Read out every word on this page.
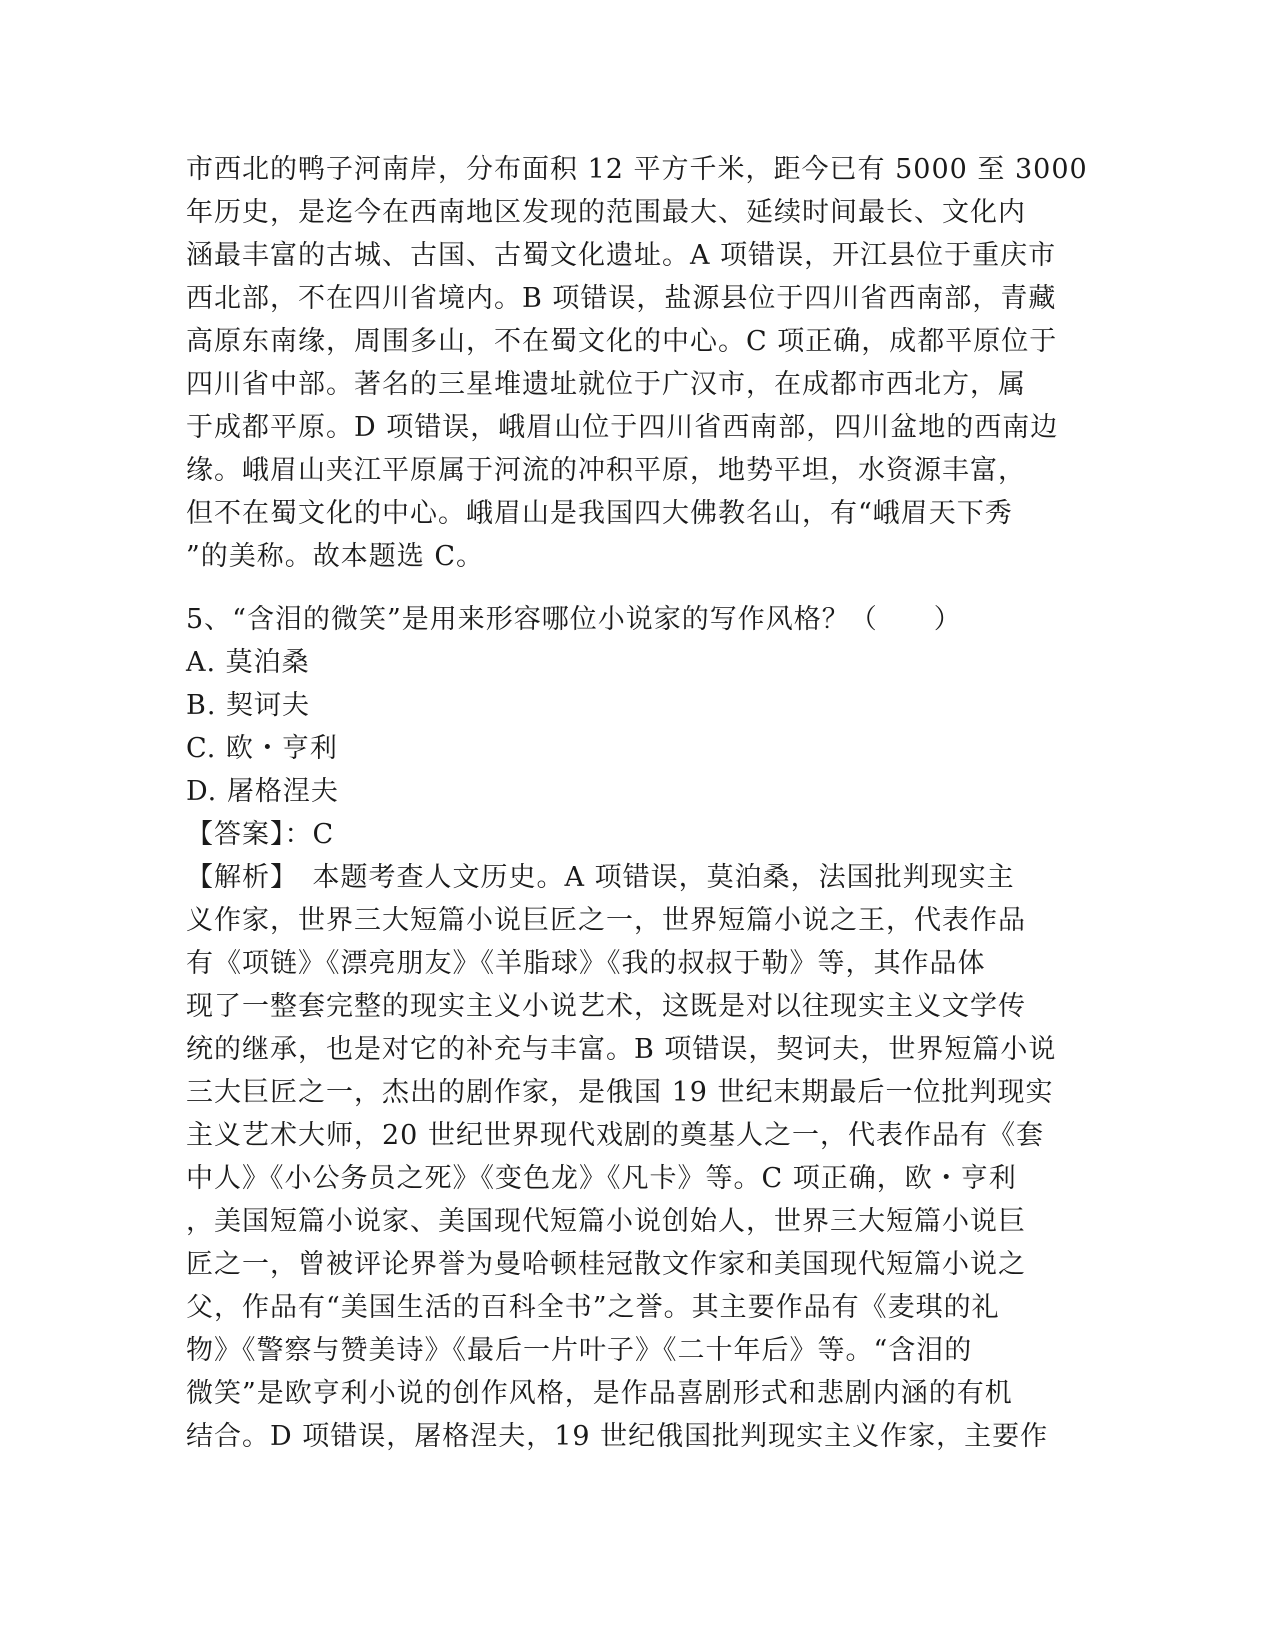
市西北的鸭子河南岸，分布面积 12 平方千米，距今已有 5000 至 3000
年历史，是迄今在西南地区发现的范围最大、延续时间最长、文化内
涵最丰富的古城、古国、古蜀文化遗址。A 项错误，开江县位于重庆市
西北部，不在四川省境内。B 项错误，盐源县位于四川省西南部，青藏
高原东南缘，周围多山，不在蜀文化的中心。C 项正确，成都平原位于
四川省中部。著名的三星堆遗址就位于广汉市，在成都市西北方，属
于成都平原。D 项错误，峨眉山位于四川省西南部，四川盆地的西南边
缘。峨眉山夹江平原属于河流的冲积平原，地势平坦，水资源丰富，
但不在蜀文化的中心。峨眉山是我国四大佛教名山，有“峨眉天下秀
”的美称。故本题选 C。
5、“含泪的微笑”是用来形容哪位小说家的写作风格？（　　）
A. 莫泊桑
B. 契诃夫
C. 欧・亨利
D. 屠格涅夫
【答案】：C
【解析】　本题考查人文历史。A 项错误，莫泊桑，法国批判现实主
义作家，世界三大短篇小说巨匠之一，世界短篇小说之王，代表作品
有《项链》《漂亮朋友》《羊脂球》《我的叔叔于勒》等，其作品体
现了一整套完整的现实主义小说艺术，这既是对以往现实主义文学传
统的继承，也是对它的补充与丰富。B 项错误，契诃夫，世界短篇小说
三大巨匠之一，杰出的剧作家，是俄国 19 世纪末期最后一位批判现实
主义艺术大师，20 世纪世界现代戏剧的奠基人之一，代表作品有《套
中人》《小公务员之死》《变色龙》《凡卡》等。C 项正确，欧・亨利
，美国短篇小说家、美国现代短篇小说创始人，世界三大短篇小说巨
匠之一，曾被评论界誉为曼哈顿桂冠散文作家和美国现代短篇小说之
父，作品有“美国生活的百科全书”之誉。其主要作品有《麦琪的礼
物》《警察与赞美诗》《最后一片叶子》《二十年后》等。“含泪的
微笑”是欧亨利小说的创作风格，是作品喜剧形式和悲剧内涵的有机
结合。D 项错误，屠格涅夫，19 世纪俄国批判现实主义作家，主要作
